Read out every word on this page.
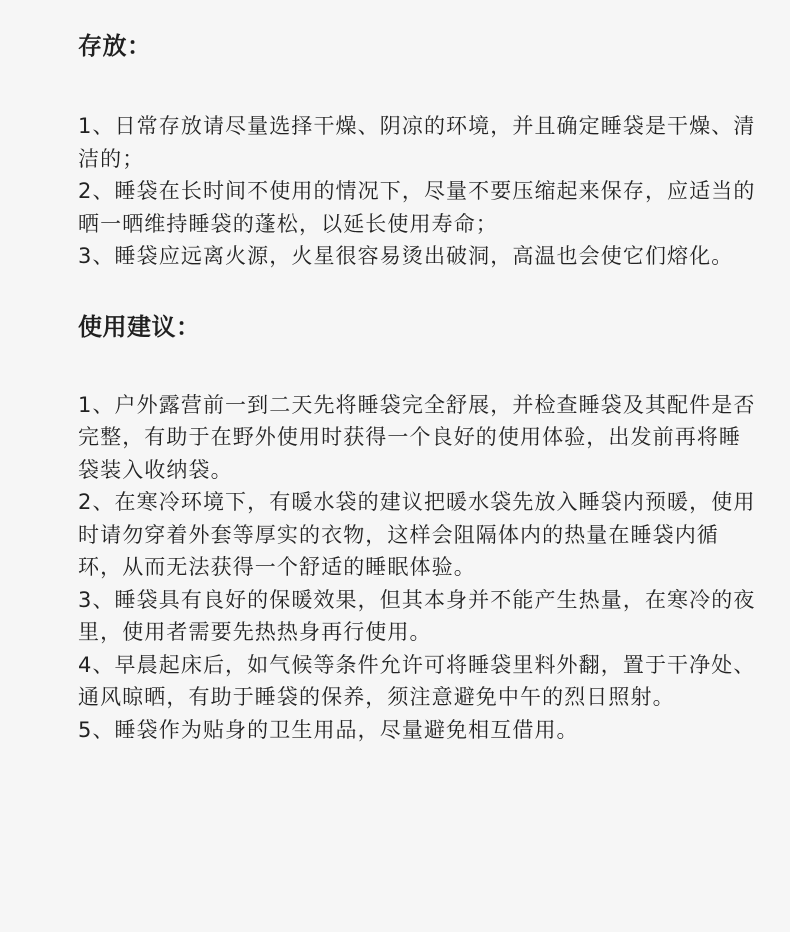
存放：

1、日常存放请尽量选择干燥、阴凉的环境，并且确定睡袋是干燥、清洁的；

2、睡袋在长时间不使用的情况下，尽量不要压缩起来保存，应适当的晒一晒维持睡袋的蓬松，以延长使用寿命；

3、睡袋应远离火源，火星很容易烫出破洞，高温也会使它们熔化。

使用建议：

1、户外露营前一到二天先将睡袋完全舒展，并检查睡袋及其配件是否完整，有助于在野外使用时获得一个良好的使用体验，出发前再将睡袋装入收纳袋。

2、在寒冷环境下，有暖水袋的建议把暖水袋先放入睡袋内预暖，使用时请勿穿着外套等厚实的衣物，这样会阻隔体内的热量在睡袋内循环，从而无法获得一个舒适的睡眠体验。

3、睡袋具有良好的保暖效果，但其本身并不能产生热量，在寒冷的夜里，使用者需要先热热身再行使用。

4、早晨起床后，如气候等条件允许可将睡袋里料外翻，置于干净处、通风晾晒，有助于睡袋的保养，须注意避免中午的烈日照射。

5、睡袋作为贴身的卫生用品，尽量避免相互借用。
